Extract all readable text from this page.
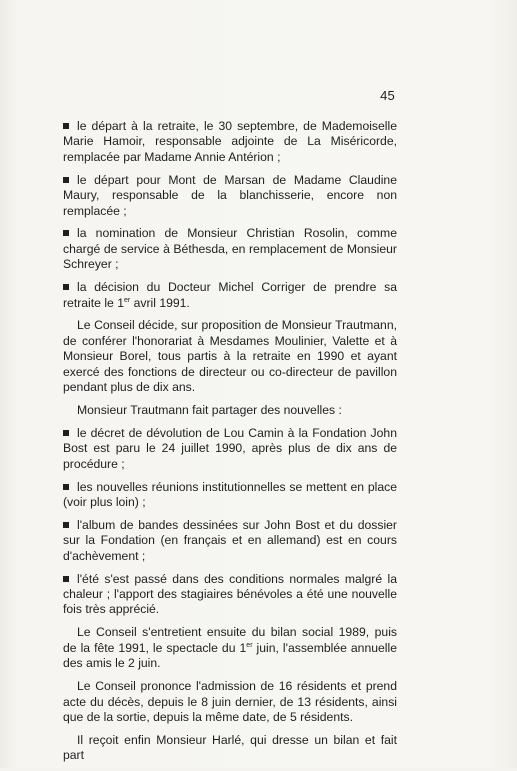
45

le départ à la retraite, le 30 septembre, de Mademoiselle Marie Hamoir, responsable adjointe de La Miséricorde, remplacée par Madame Annie Antérion ;

le départ pour Mont de Marsan de Madame Claudine Maury, responsable de la blanchisserie, encore non remplacée ;

la nomination de Monsieur Christian Rosolin, comme chargé de service à Béthesda, en remplacement de Monsieur Schreyer ;

la décision du Docteur Michel Corriger de prendre sa retraite le 1er avril 1991.

Le Conseil décide, sur proposition de Monsieur Trautmann, de conférer l'honorariat à Mesdames Moulinier, Valette et à Monsieur Borel, tous partis à la retraite en 1990 et ayant exercé des fonctions de directeur ou co-directeur de pavillon pendant plus de dix ans.

Monsieur Trautmann fait partager des nouvelles :

le décret de dévolution de Lou Camin à la Fondation John Bost est paru le 24 juillet 1990, après plus de dix ans de procédure ;

les nouvelles réunions institutionnelles se mettent en place (voir plus loin) ;

l'album de bandes dessinées sur John Bost et du dossier sur la Fondation (en français et en allemand) est en cours d'achèvement ;

l'été s'est passé dans des conditions normales malgré la chaleur ; l'apport des stagiaires bénévoles a été une nouvelle fois très apprécié.

Le Conseil s'entretient ensuite du bilan social 1989, puis de la fête 1991, le spectacle du 1er juin, l'assemblée annuelle des amis le 2 juin.

Le Conseil prononce l'admission de 16 résidents et prend acte du décès, depuis le 8 juin dernier, de 13 résidents, ainsi que de la sortie, depuis la même date, de 5 résidents.

Il reçoit enfin Monsieur Harlé, qui dresse un bilan et fait part
